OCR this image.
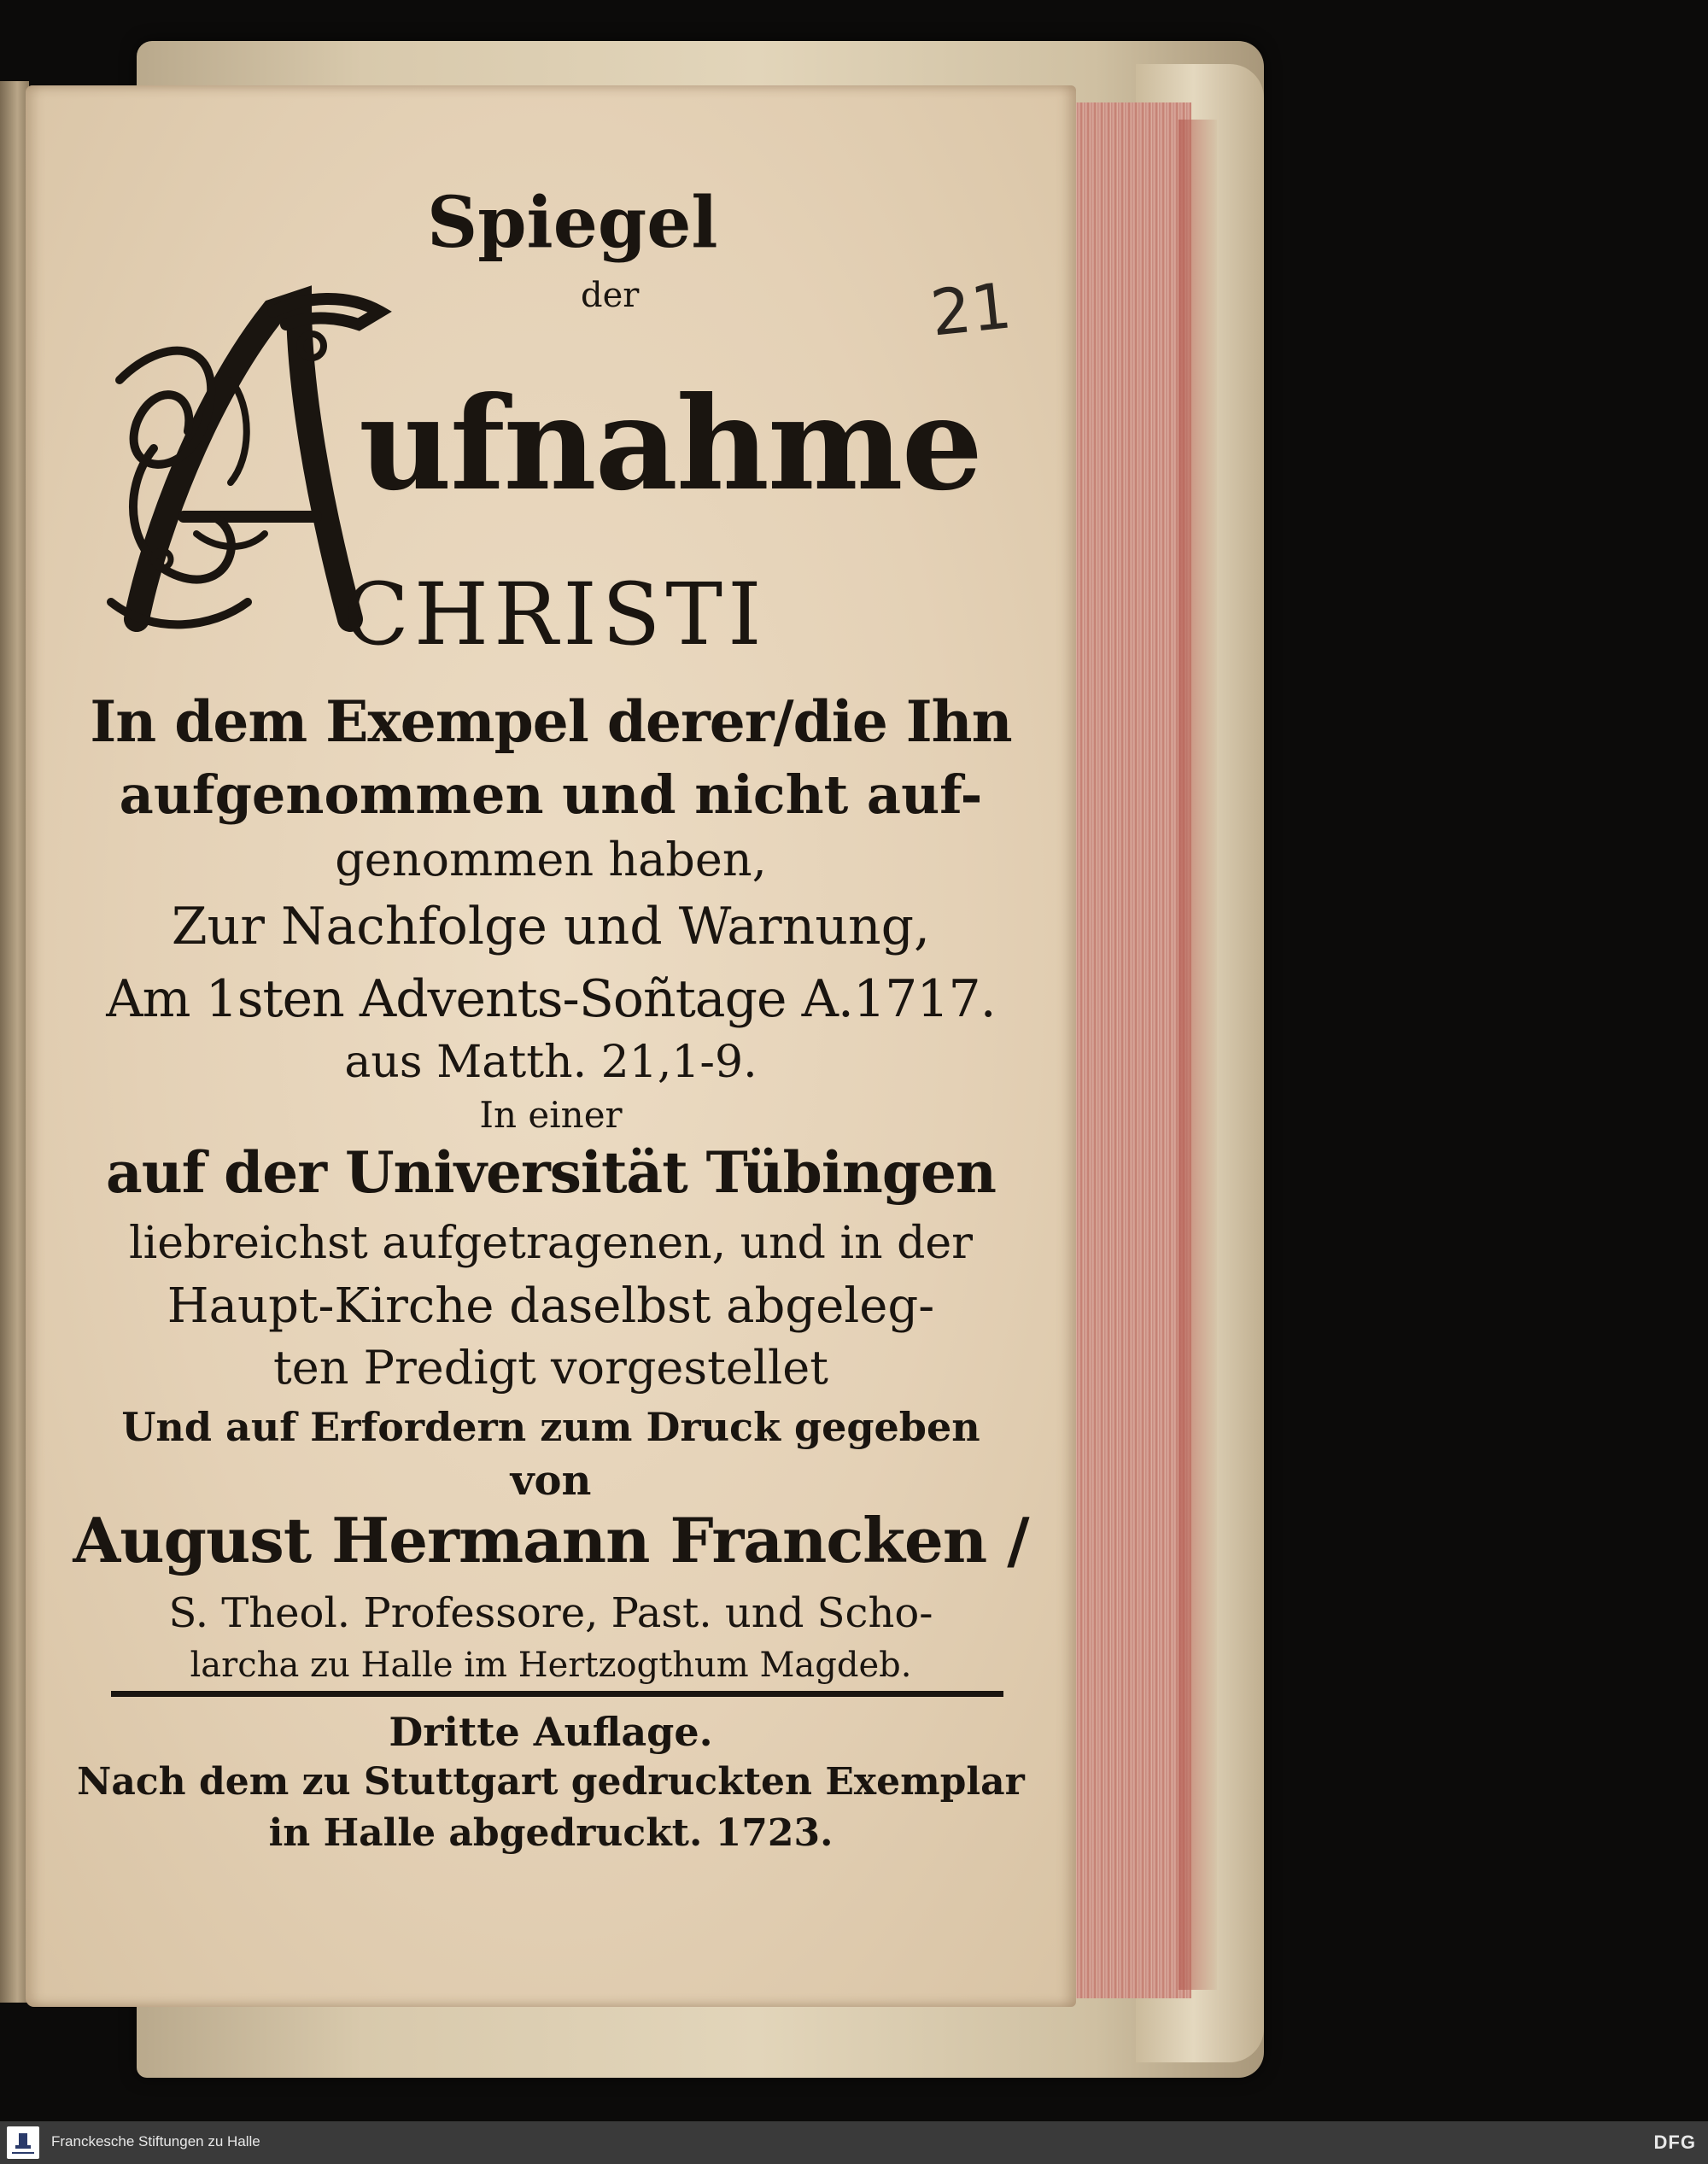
21
Spiegel
der
ufnahme
CHRISTI
In dem Exempel derer/die Ihn
aufgenommen und nicht auf-
genommen haben,
Zur Nachfolge und Warnung,
Am 1sten Advents-Soñtage A.1717.
aus Matth. 21,1-9.
In einer
auf der Universität Tübingen
liebreichst aufgetragenen, und in der
Haupt-Kirche daselbst abgeleg-
ten Predigt vorgestellet
Und auf Erfordern zum Druck gegeben
von
August Hermann Francken /
S. Theol. Professore, Past. und Scho-
larcha zu Halle im Hertzogthum Magdeb.
Dritte Auflage.
Nach dem zu Stuttgart gedruckten Exemplar
in Halle abgedruckt. 1723.
Franckesche Stiftungen zu Halle	DFG
